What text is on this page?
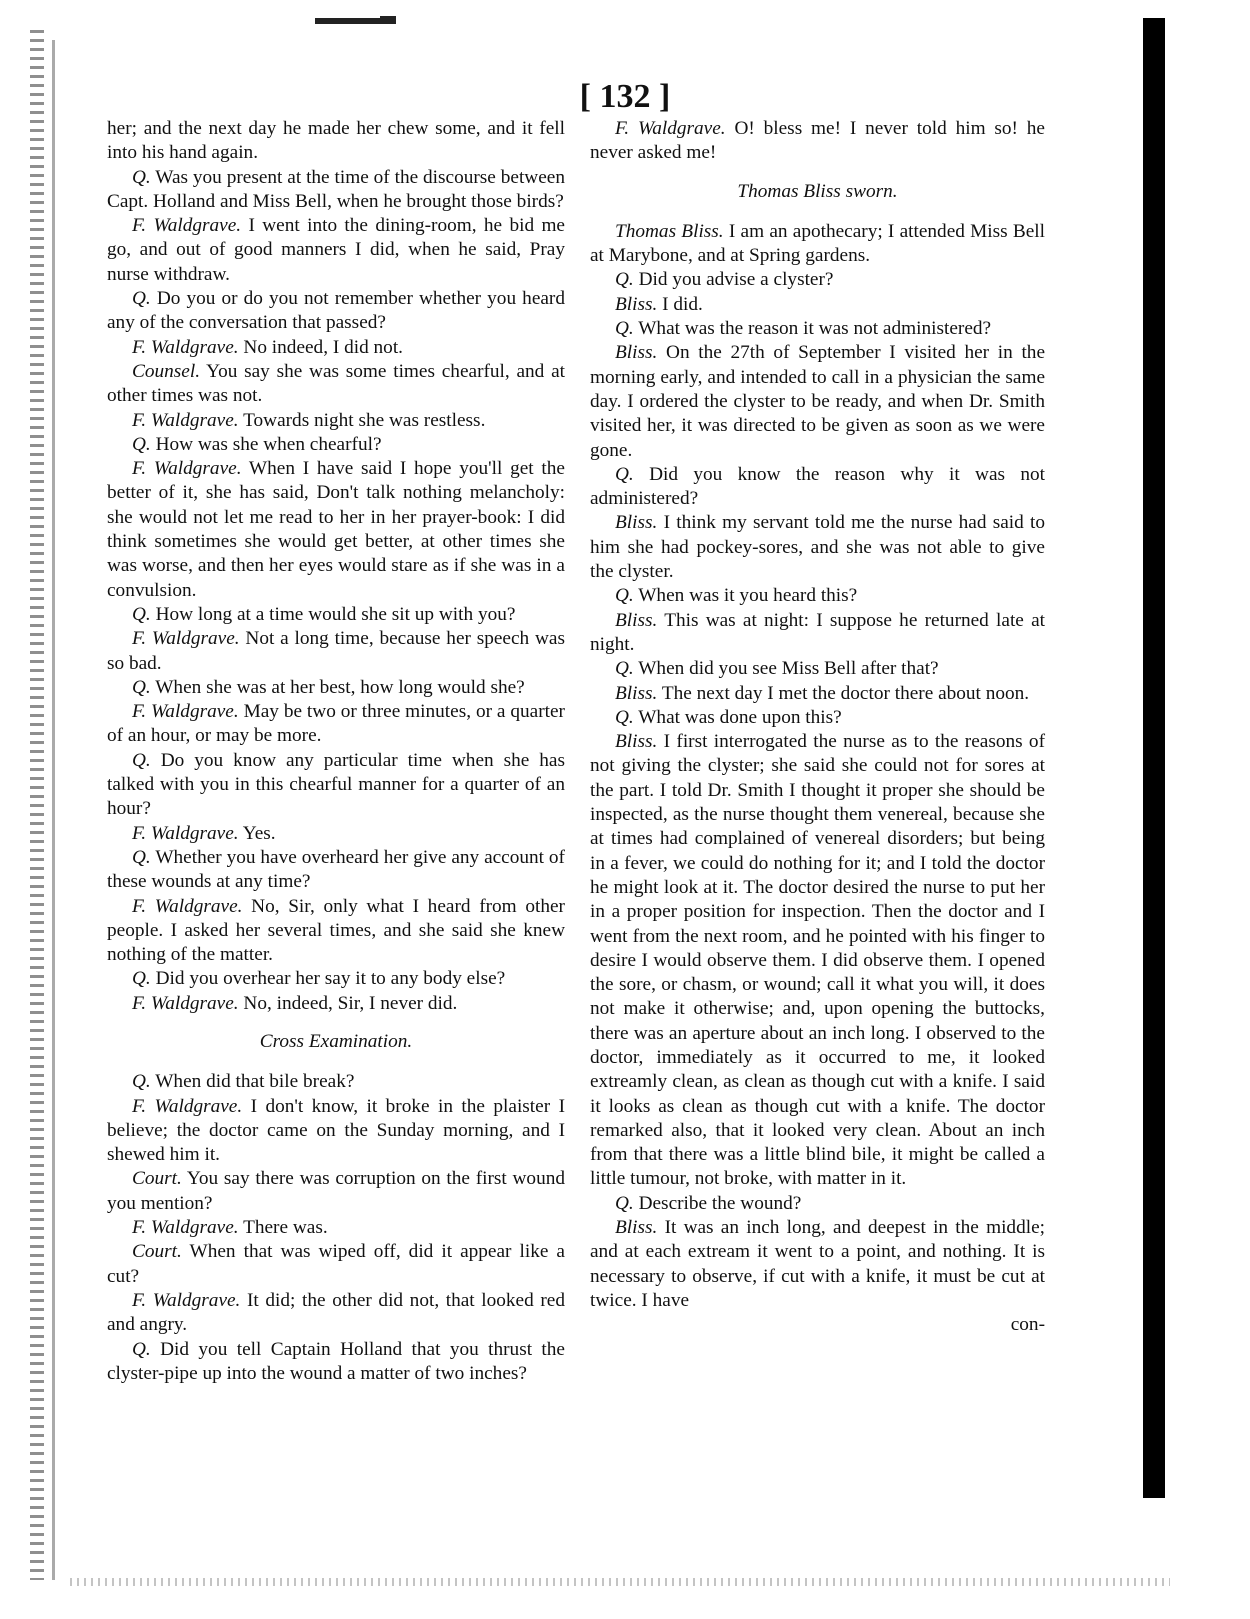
[ 132 ]

her; and the next day he made her chew some, and it fell into his hand again.

Q. Was you present at the time of the discourse between Capt. Holland and Miss Bell, when he brought those birds?

F. Waldgrave. I went into the dining-room, he bid me go, and out of good manners I did, when he said, Pray nurse withdraw.

Q. Do you or do you not remember whether you heard any of the conversation that passed?

F. Waldgrave. No indeed, I did not.

Counsel. You say she was some times chearful, and at other times was not.

F. Waldgrave. Towards night she was restless.

Q. How was she when chearful?

F. Waldgrave. When I have said I hope you'll get the better of it, she has said, Don't talk nothing melancholy: she would not let me read to her in her prayer-book: I did think sometimes she would get better, at other times she was worse, and then her eyes would stare as if she was in a convulsion.

Q. How long at a time would she sit up with you?

F. Waldgrave. Not a long time, because her speech was so bad.

Q. When she was at her best, how long would she?

F. Waldgrave. May be two or three minutes, or a quarter of an hour, or may be more.

Q. Do you know any particular time when she has talked with you in this chearful manner for a quarter of an hour?

F. Waldgrave. Yes.

Q. Whether you have overheard her give any account of these wounds at any time?

F. Waldgrave. No, Sir, only what I heard from other people. I asked her several times, and she said she knew nothing of the matter.

Q. Did you overhear her say it to any body else?

F. Waldgrave. No, indeed, Sir, I never did.

Cross Examination.

Q. When did that bile break?

F. Waldgrave. I don't know, it broke in the plaister I believe; the doctor came on the Sunday morning, and I shewed him it.

Court. You say there was corruption on the first wound you mention?

F. Waldgrave. There was.

Court. When that was wiped off, did it appear like a cut?

F. Waldgrave. It did; the other did not, that looked red and angry.

Q. Did you tell Captain Holland that you thrust the clyster-pipe up into the wound a matter of two inches?

F. Waldgrave. O! bless me! I never told him so! he never asked me!

Thomas Bliss sworn.

Thomas Bliss. I am an apothecary; I attended Miss Bell at Marybone, and at Spring gardens.

Q. Did you advise a clyster?

Bliss. I did.

Q. What was the reason it was not administered?

Bliss. On the 27th of September I visited her in the morning early, and intended to call in a physician the same day. I ordered the clyster to be ready, and when Dr. Smith visited her, it was directed to be given as soon as we were gone.

Q. Did you know the reason why it was not administered?

Bliss. I think my servant told me the nurse had said to him she had pockey-sores, and she was not able to give the clyster.

Q. When was it you heard this?

Bliss. This was at night: I suppose he returned late at night.

Q. When did you see Miss Bell after that?

Bliss. The next day I met the doctor there about noon.

Q. What was done upon this?

Bliss. I first interrogated the nurse as to the reasons of not giving the clyster; she said she could not for sores at the part. I told Dr. Smith I thought it proper she should be inspected, as the nurse thought them venereal, because she at times had complained of venereal disorders; but being in a fever, we could do nothing for it; and I told the doctor he might look at it. The doctor desired the nurse to put her in a proper position for inspection. Then the doctor and I went from the next room, and he pointed with his finger to desire I would observe them. I did observe them. I opened the sore, or chasm, or wound; call it what you will, it does not make it otherwise; and, upon opening the buttocks, there was an aperture about an inch long. I observed to the doctor, immediately as it occurred to me, it looked extreamly clean, as clean as though cut with a knife. I said it looks as clean as though cut with a knife. The doctor remarked also, that it looked very clean. About an inch from that there was a little blind bile, it might be called a little tumour, not broke, with matter in it.

Q. Describe the wound?

Bliss. It was an inch long, and deepest in the middle; and at each extream it went to a point, and nothing. It is necessary to observe, if cut with a knife, it must be cut at twice. I have

con-
